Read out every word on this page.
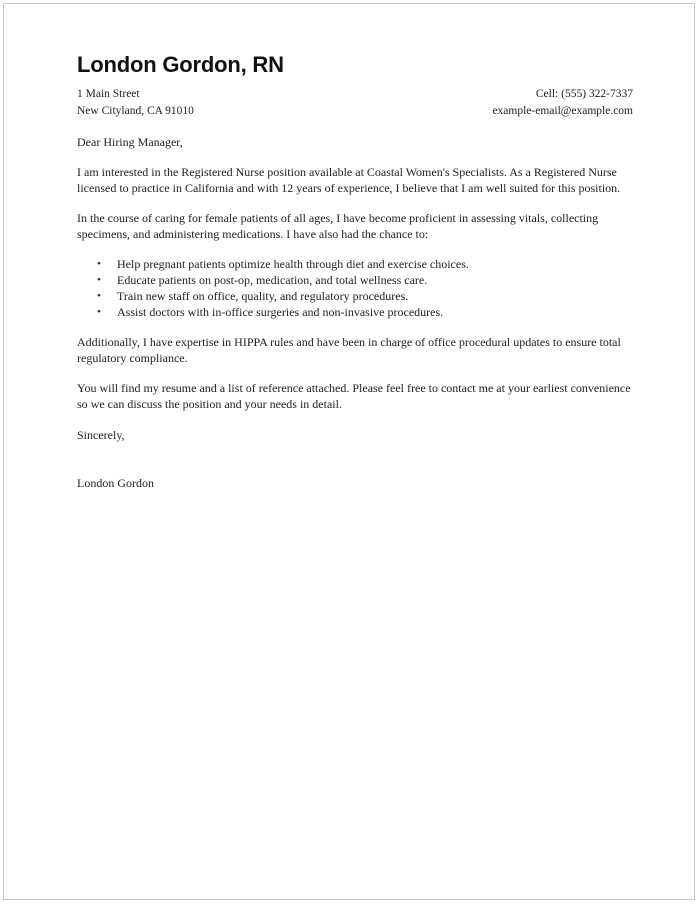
London Gordon, RN
1 Main Street	Cell: (555) 322-7337
New Cityland, CA 91010	example-email@example.com
Dear Hiring Manager,

I am interested in the Registered Nurse position available at Coastal Women's Specialists. As a Registered Nurse licensed to practice in California and with 12 years of experience, I believe that I am well suited for this position.

In the course of caring for female patients of all ages, I have become proficient in assessing vitals, collecting specimens, and administering medications. I have also had the chance to:

• Help pregnant patients optimize health through diet and exercise choices.
• Educate patients on post-op, medication, and total wellness care.
• Train new staff on office, quality, and regulatory procedures.
• Assist doctors with in-office surgeries and non-invasive procedures.

Additionally, I have expertise in HIPPA rules and have been in charge of office procedural updates to ensure total regulatory compliance.

You will find my resume and a list of reference attached. Please feel free to contact me at your earliest convenience so we can discuss the position and your needs in detail.

Sincerely,
London Gordon
